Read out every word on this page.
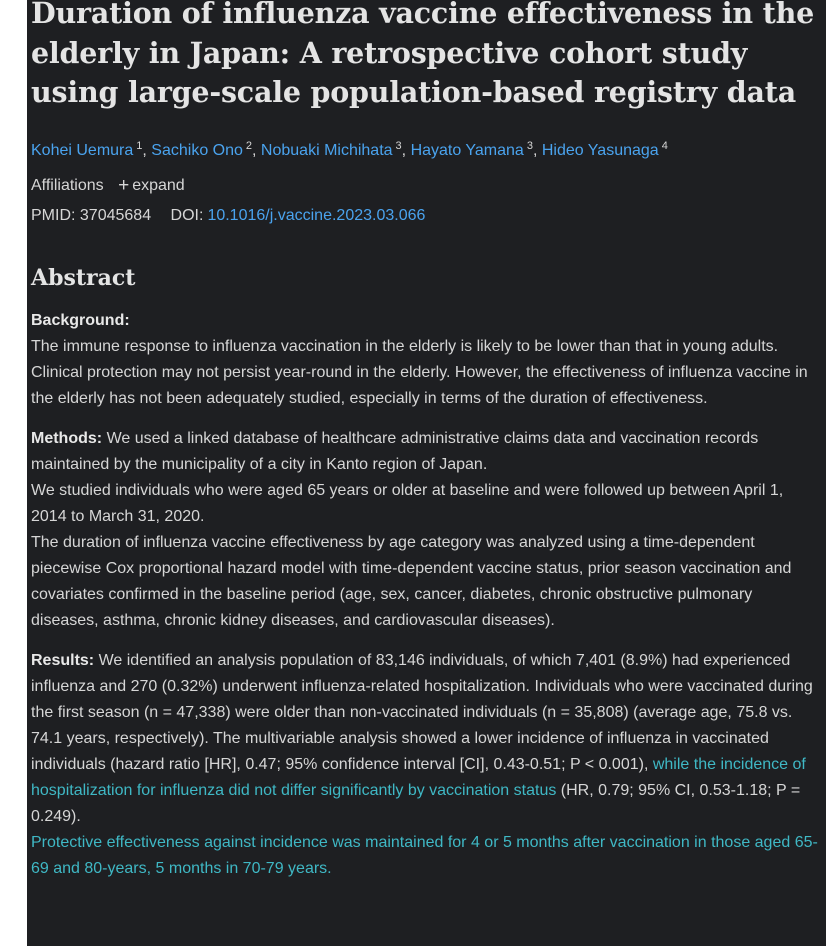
Duration of influenza vaccine effectiveness in the elderly in Japan: A retrospective cohort study using large-scale population-based registry data
Kohei Uemura $^1$, Sachiko Ono $^2$, Nobuaki Michihata $^3$, Hayato Yamana $^3$, Hideo Yasunaga $^4$
Affiliations + expand
PMID: 37045684 DOI: 10.1016/j.vaccine.2023.03.066
Abstract

Background:

The immune response to influenza vaccination in the elderly is likely to be lower than that in young adults.

Clinical protection may not persist year-round in the elderly. However, the effectiveness of influenza vaccine in the elderly has not been adequately studied, especially in terms of the duration of effectiveness.

Methods: We used a linked database of healthcare administrative claims data and vaccination records maintained by the municipality of a city in Kanto region of Japan.

We studied individuals who were aged 65 years or older at baseline and were followed up between April 1, 2014 to March 31, 2020.

The duration of influenza vaccine effectiveness by age category was analyzed using a time-dependent piecewise Cox proportional hazard model with time-dependent vaccine status, prior season vaccination and covariates confirmed in the baseline period (age, sex, cancer, diabetes, chronic obstructive pulmonary diseases, asthma, chronic kidney diseases, and cardiovascular diseases).

Results: We identified an analysis population of 83,146 individuals, of which 7,401 (8.9%) had experienced influenza and 270 (0.32%) underwent influenza-related hospitalization. Individuals who were vaccinated during the first season (n = 47,338) were older than non-vaccinated individuals (n = 35,808) (average age, 75.8 vs. 74.1 years, respectively). The multivariable analysis showed a lower incidence of influenza in vaccinated individuals (hazard ratio [HR], 0.47; 95% confidence interval [CI], 0.43-0.51; P < 0.001), while the incidence of hospitalization for influenza did not differ significantly by vaccination status (HR, 0.79; 95% CI, 0.53-1.18; P = 0.249).

Protective effectiveness against incidence was maintained for 4 or 5 months after vaccination in those aged 65-69 and 80-years, 5 months in 70-79 years.
